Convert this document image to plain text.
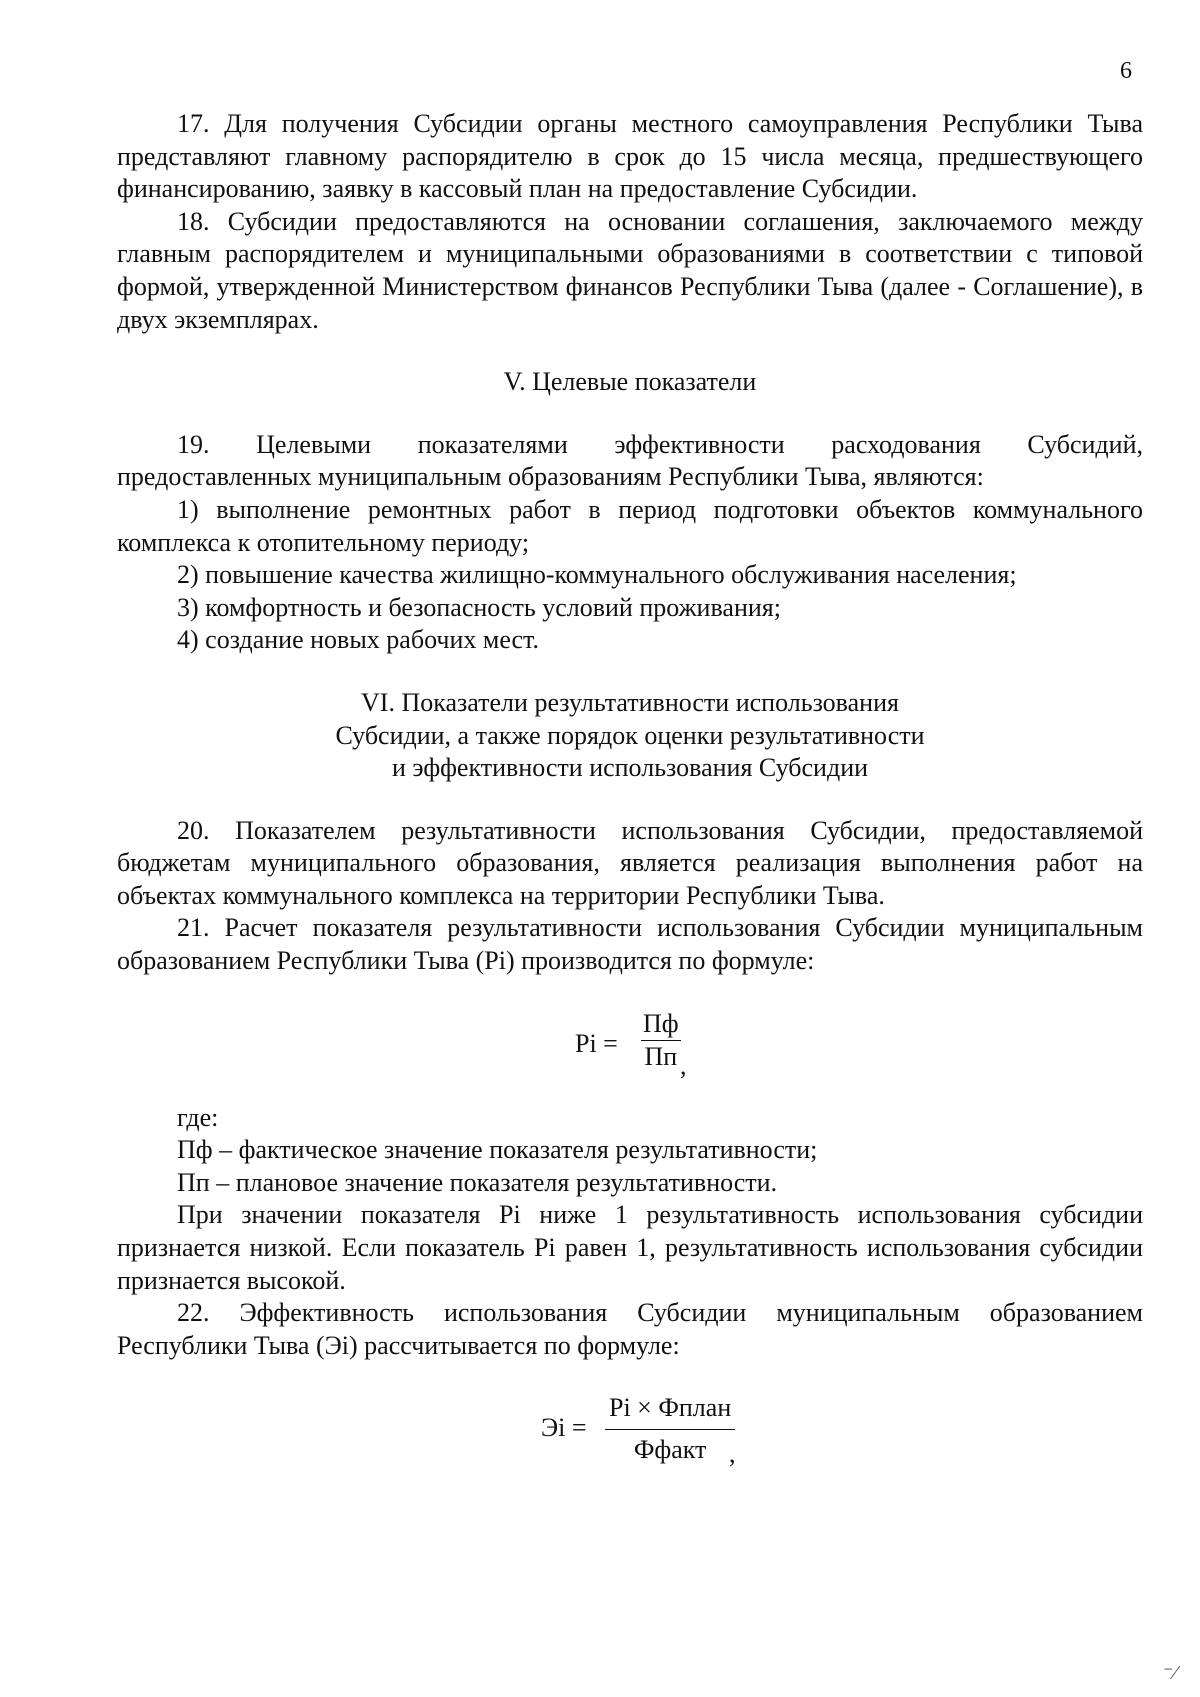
6

17. Для получения Субсидии органы местного самоуправления Республики Тыва представляют главному распорядителю в срок до 15 числа месяца, предшествующего финансированию, заявку в кассовый план на предоставление Субсидии.

18. Субсидии предоставляются на основании соглашения, заключаемого между главным распорядителем и муниципальными образованиями в соответствии с типовой формой, утвержденной Министерством финансов Республики Тыва (далее - Соглашение), в двух экземплярах.

V. Целевые показатели

19. Целевыми показателями эффективности расходования Субсидий, предоставленных муниципальным образованиям Республики Тыва, являются:

1) выполнение ремонтных работ в период подготовки объектов коммунального комплекса к отопительному периоду;

2) повышение качества жилищно-коммунального обслуживания населения;

3) комфортность и безопасность условий проживания;

4) создание новых рабочих мест.

VI. Показатели результативности использования

Субсидии, а также порядок оценки результативности

и эффективности использования Субсидии

20. Показателем результативности использования Субсидии, предоставляемой бюджетам муниципального образования, является реализация выполнения работ на объектах коммунального комплекса на территории Республики Тыва.

21. Расчет показателя результативности использования Субсидии муниципальным образованием Республики Тыва (Pi) производится по формуле:

Pi =
Пф
Пп ,

где:

Пф – фактическое значение показателя результативности;

Пп – плановое значение показателя результативности.

При значении показателя Pi ниже 1 результативность использования субсидии признается низкой. Если показатель Pi равен 1, результативность использования субсидии признается высокой.

22. Эффективность использования Субсидии муниципальным образованием Республики Тыва (Эi) рассчитывается по формуле:

Эi =
Pi × Фплан
Ффакт ,
⁻⁄
